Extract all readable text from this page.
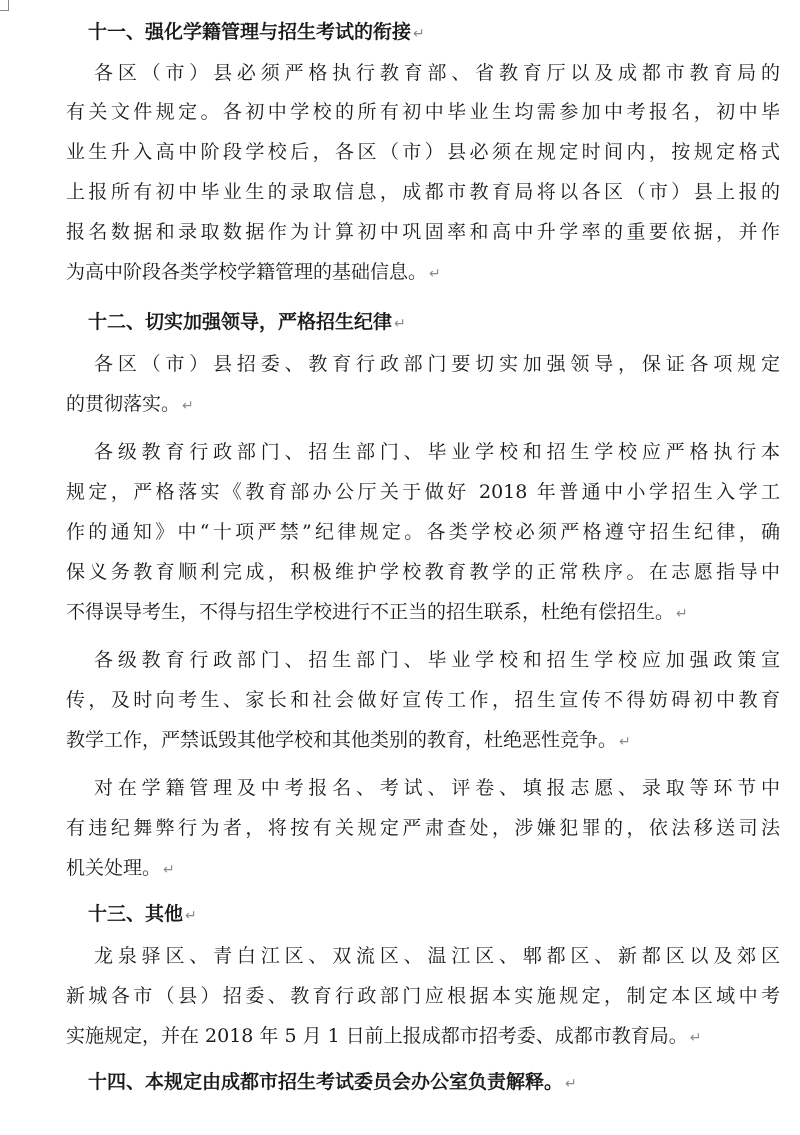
十一、强化学籍管理与招生考试的衔接 ↵
各区（市）县必须严格执行教育部、省教育厅以及成都市教育局的
有关文件规定。各初中学校的所有初中毕业生均需参加中考报名，初中毕
业生升入高中阶段学校后，各区（市）县必须在规定时间内，按规定格式
上报所有初中毕业生的录取信息，成都市教育局将以各区（市）县上报的
报名数据和录取数据作为计算初中巩固率和高中升学率的重要依据，并作
为高中阶段各类学校学籍管理的基础信息。 ↵
十二、切实加强领导，严格招生纪律 ↵
各区（市）县招委、教育行政部门要切实加强领导，保证各项规定
的贯彻落实。 ↵
各级教育行政部门、招生部门、毕业学校和招生学校应严格执行本
规定，严格落实《教育部办公厅关于做好 2018 年普通中小学招生入学工
作的通知》中“十项严禁”纪律规定。各类学校必须严格遵守招生纪律，确
保义务教育顺利完成，积极维护学校教育教学的正常秩序。在志愿指导中
不得误导考生，不得与招生学校进行不正当的招生联系，杜绝有偿招生。 ↵
各级教育行政部门、招生部门、毕业学校和招生学校应加强政策宣
传，及时向考生、家长和社会做好宣传工作，招生宣传不得妨碍初中教育
教学工作，严禁诋毁其他学校和其他类别的教育，杜绝恶性竞争。 ↵
对在学籍管理及中考报名、考试、评卷、填报志愿、录取等环节中
有违纪舞弊行为者，将按有关规定严肃查处，涉嫌犯罪的，依法移送司法
机关处理。 ↵
十三、其他 ↵
龙泉驿区、青白江区、双流区、温江区、郫都区、新都区以及郊区
新城各市（县）招委、教育行政部门应根据本实施规定，制定本区域中考
实施规定，并在 2018 年 5 月 1 日前上报成都市招考委、成都市教育局。 ↵
十四、本规定由成都市招生考试委员会办公室负责解释。 ↵
